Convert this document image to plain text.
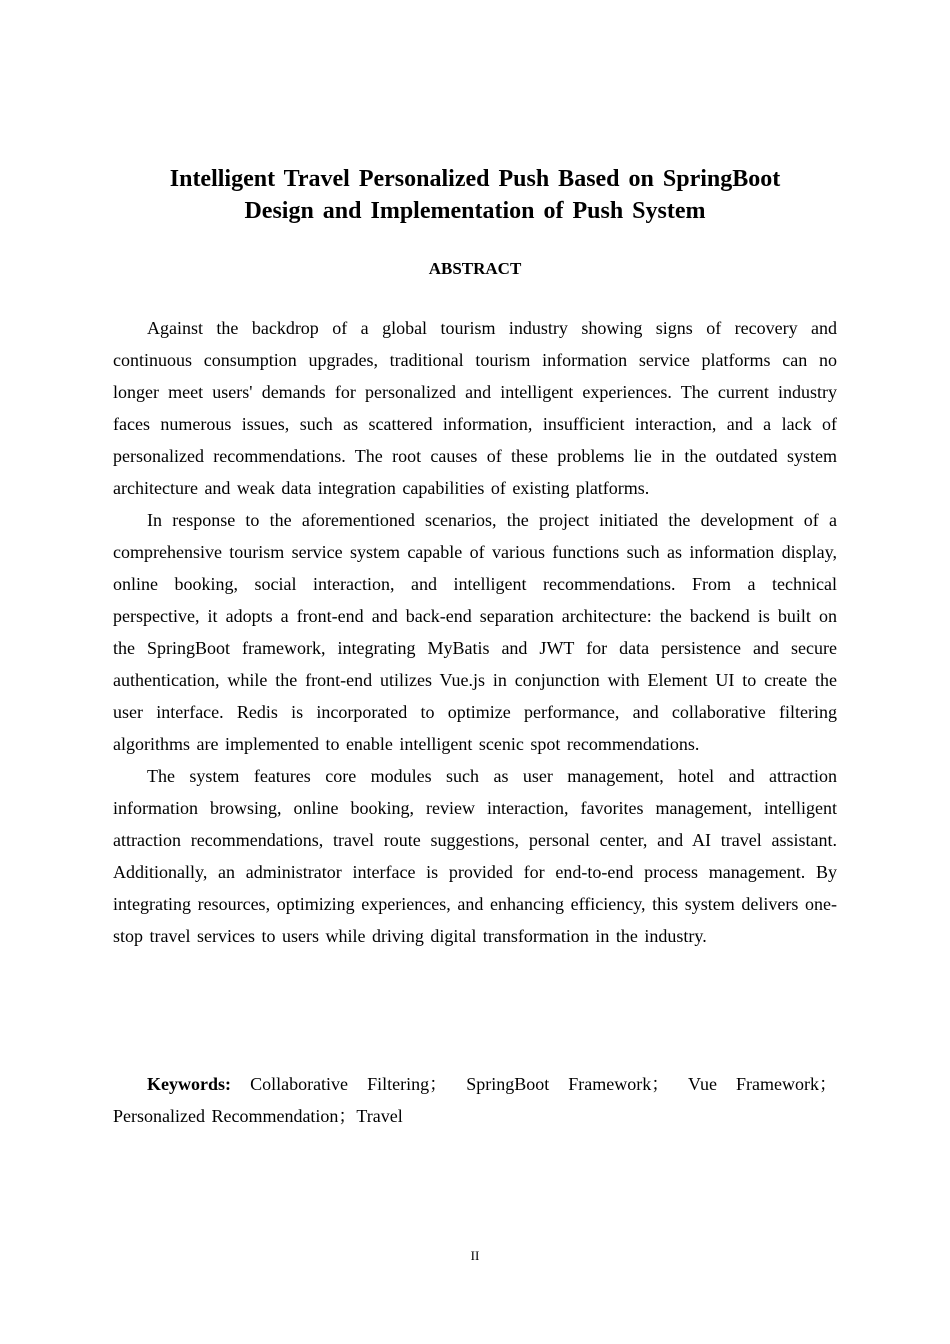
Intelligent Travel Personalized Push Based on SpringBoot
Design and Implementation of Push System
ABSTRACT

Against the backdrop of a global tourism industry showing signs of recovery and continuous consumption upgrades, traditional tourism information service platforms can no longer meet users' demands for personalized and intelligent experiences. The current industry faces numerous issues, such as scattered information, insufficient interaction, and a lack of personalized recommendations. The root causes of these problems lie in the outdated system architecture and weak data integration capabilities of existing platforms.

In response to the aforementioned scenarios, the project initiated the development of a comprehensive tourism service system capable of various functions such as information display, online booking, social interaction, and intelligent recommendations. From a technical perspective, it adopts a front-end and back-end separation architecture: the backend is built on the SpringBoot framework, integrating MyBatis and JWT for data persistence and secure authentication, while the front-end utilizes Vue.js in conjunction with Element UI to create the user interface. Redis is incorporated to optimize performance, and collaborative filtering algorithms are implemented to enable intelligent scenic spot recommendations.

The system features core modules such as user management, hotel and attraction information browsing, online booking, review interaction, favorites management, intelligent attraction recommendations, travel route suggestions, personal center, and AI travel assistant. Additionally, an administrator interface is provided for end-to-end process management. By integrating resources, optimizing experiences, and enhancing efficiency, this system delivers one-stop travel services to users while driving digital transformation in the industry.

Keywords: Collaborative Filtering； SpringBoot Framework； Vue Framework； Personalized Recommendation；Travel
II
